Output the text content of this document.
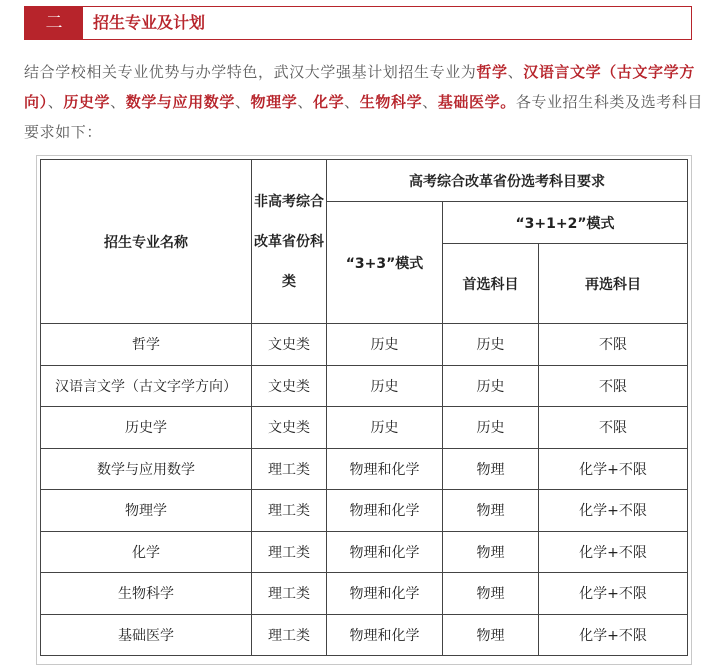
二	招生专业及计划
结合学校相关专业优势与办学特色，武汉大学强基计划招生专业为哲学、汉语言文学（古文字学方向）、历史学、数学与应用数学、物理学、化学、生物科学、基础医学。各专业招生科类及选考科目要求如下：
招生专业名称	非高考综合改革省份科类	高考综合改革省份选考科目要求		
		“3+3”模式	“3+1+2”模式	
			首选科目	再选科目
哲学	文史类	历史	历史	不限
汉语言文学（古文字学方向）	文史类	历史	历史	不限
历史学	文史类	历史	历史	不限
数学与应用数学	理工类	物理和化学	物理	化学+不限
物理学	理工类	物理和化学	物理	化学+不限
化学	理工类	物理和化学	物理	化学+不限
生物科学	理工类	物理和化学	物理	化学+不限
基础医学	理工类	物理和化学	物理	化学+不限
